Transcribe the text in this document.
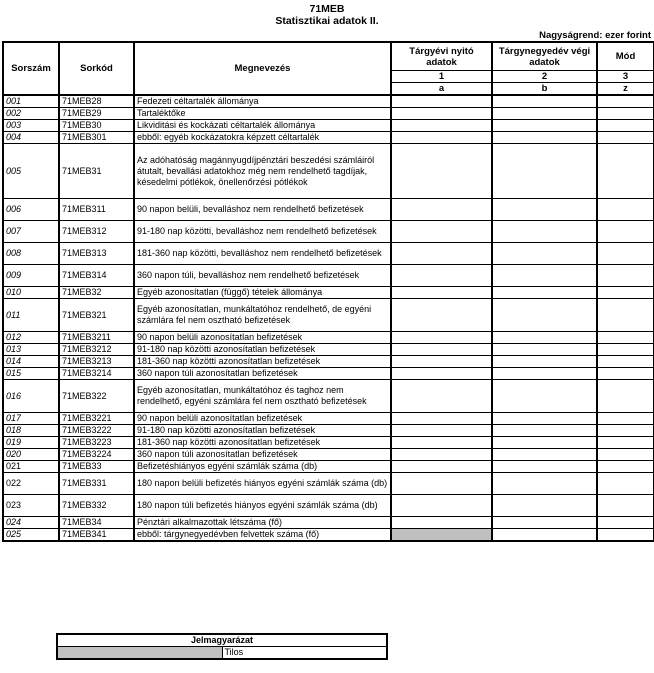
71MEB
Statisztikai adatok II.
Nagyságrend: ezer forint
Sorszám	Sorkód	Megnevezés	Tárgyévi nyitó adatok	Tárgynegyedév végi adatok	Mód
			1	2	3
			a	b	z
001	71MEB28	Fedezeti céltartalék állománya			
002	71MEB29	Tartaléktőke			
003	71MEB30	Likviditási és kockázati céltartalék állománya			
004	71MEB301	ebből: egyéb kockázatokra képzett céltartalék			
005	71MEB31	Az adóhatóság magánnyugdíjpénztári beszedési számláiról átutalt, bevallási adatokhoz még nem rendelhető tagdíjak, késedelmi pótlékok, önellenőrzési pótlékok			
006	71MEB311	90 napon belüli, bevalláshoz nem rendelhető befizetések			
007	71MEB312	91-180 nap közötti, bevalláshoz nem rendelhető befizetések			
008	71MEB313	181-360 nap közötti, bevalláshoz nem rendelhető befizetések			
009	71MEB314	360 napon túli, bevalláshoz nem rendelhető befizetések			
010	71MEB32	Egyéb azonosítatlan (függő) tételek állománya			
011	71MEB321	Egyéb azonosítatlan, munkáltatóhoz rendelhető, de egyéni számlára fel nem osztható befizetések			
012	71MEB3211	90 napon belüli azonosítatlan befizetések			
013	71MEB3212	91-180 nap közötti azonosítatlan befizetések			
014	71MEB3213	181-360 nap közötti azonosítatlan befizetések			
015	71MEB3214	360 napon túli azonosítatlan befizetések			
016	71MEB322	Egyéb azonosítatlan, munkáltatóhoz és taghoz nem rendelhető, egyéni számlára fel nem osztható befizetések			
017	71MEB3221	90 napon belüli azonosítatlan befizetések			
018	71MEB3222	91-180 nap közötti azonosítatlan befizetések			
019	71MEB3223	181-360 nap közötti azonosítatlan befizetések			
020	71MEB3224	360 napon túli azonosítatlan befizetések			
021	71MEB33	Befizetéshiányos egyéni számlák száma (db)			
022	71MEB331	180 napon belüli befizetés hiányos egyéni számlák száma (db)			
023	71MEB332	180 napon túli befizetés hiányos egyéni számlák száma (db)			
024	71MEB34	Pénztári alkalmazottak létszáma (fő)			
025	71MEB341	ebből: tárgynegyedévben felvettek száma (fő)			
Jelmagyarázat
	Tilos
